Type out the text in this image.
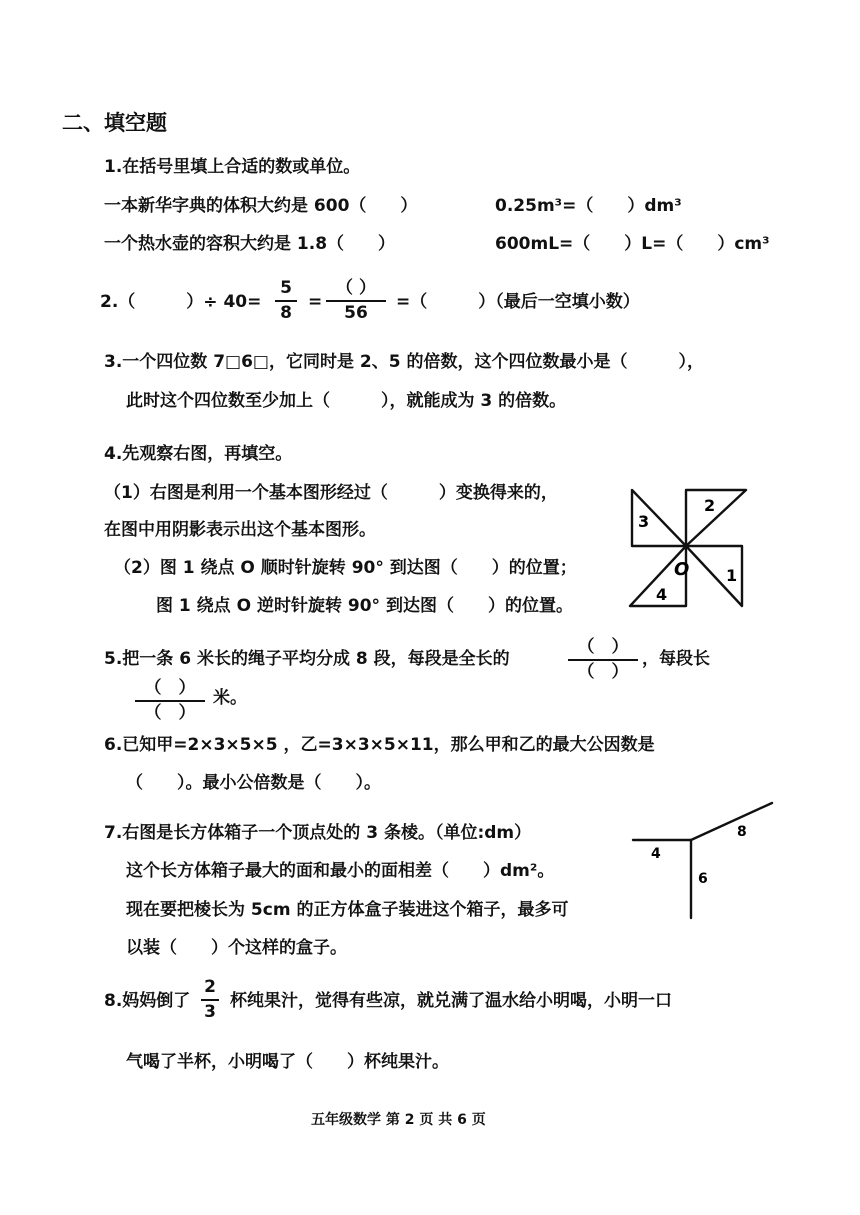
二、填空题
1.在括号里填上合适的数或单位。
一本新华字典的体积大约是 600（　　）	0.25m³=（　　）dm³
一个热水壶的容积大约是 1.8（　　）	600mL=（　　）L=（　　）cm³
2.（　　　）÷ 40=
5
8
=
（ ）
56
=（　　　）（最后一空填小数）
3.一个四位数 7□6□，它同时是 2、5 的倍数，这个四位数最小是（　　　），
此时这个四位数至少加上（　　　），就能成为 3 的倍数。
4.先观察右图，再填空。
（1）右图是利用一个基本图形经过（　　　）变换得来的，
在图中用阴影表示出这个基本图形。
（2）图 1 绕点 O 顺时针旋转 90° 到达图（　　）的位置；
图 1 绕点 O 逆时针旋转 90° 到达图（　　）的位置。
2
1
4
3
O
5.把一条 6 米长的绳子平均分成 8 段，每段是全长的
（　）
（　）
，每段长
（　）
（　）
米。
6.已知甲=2×3×5×5 ，乙=3×3×5×11，那么甲和乙的最大公因数是
（　　）。最小公倍数是（　　）。
7.右图是长方体箱子一个顶点处的 3 条棱。（单位:dm）
这个长方体箱子最大的面和最小的面相差（　　）dm²。
现在要把棱长为 5cm 的正方体盒子装进这个箱子，最多可
以装（　　）个这样的盒子。
4
6
8
8.妈妈倒了
2
3
杯纯果汁，觉得有些凉，就兑满了温水给小明喝，小明一口
气喝了半杯，小明喝了（　　）杯纯果汁。
五年级数学 第 2 页 共 6 页
